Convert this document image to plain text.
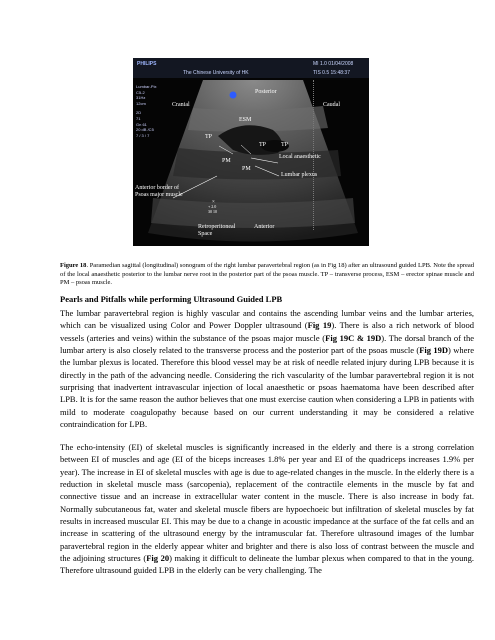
PHILIPS
The Chinese University of HK
MI 1.0 01/04/2008
TIS 0.5 15:48:37
Lumbar-Pix
C5-2
31Hz
12cm
2D
71
Gn 61
20 dB /C5
7 / 3 / 7
Posterior
Cranial	Caudal
TP
ESM
TP TP
Local anaesthetic
Lumbar plexus
PM
PM
Anterior border of
Psoas major muscle
×
+ 2.0
30 10
Retroperitoneal
Space
Anterior
Figure 18. Paramedian sagittal (longitudinal) sonogram of the right lumbar paravertebral region (as in Fig 18) after an ultrasound guided LPB. Note the spread of the local anaesthetic posterior to the lumbar nerve root in the posterior part of the psoas muscle. TP – transverse process, ESM – erector spinae muscle and PM – psoas muscle.
Pearls and Pitfalls while performing Ultrasound Guided LPB
The lumbar paravertebral region is highly vascular and contains the ascending lumbar veins and the lumbar arteries, which can be visualized using Color and Power Doppler ultrasound (Fig 19). There is also a rich network of blood vessels (arteries and veins) within the substance of the psoas major muscle (Fig 19C & 19D). The dorsal branch of the lumbar artery is also closely related to the transverse process and the posterior part of the psoas muscle (Fig 19D) where the lumbar plexus is located. Therefore this blood vessel may be at risk of needle related injury during LPB because it is directly in the path of the advancing needle. Considering the rich vascularity of the lumbar paravertebral region it is not surprising that inadvertent intravascular injection of local anaesthetic or psoas haematoma have been described after LPB. It is for the same reason the author believes that one must exercise caution when considering a LPB in patients with mild to moderate coagulopathy because based on our current understanding it may be considered a relative contraindication for LPB.
The echo-intensity (EI) of skeletal muscles is significantly increased in the elderly and there is a strong correlation between EI of muscles and age (EI of the biceps increases 1.8% per year and EI of the quadriceps increases 1.9% per year). The increase in EI of skeletal muscles with age is due to age-related changes in the muscle. In the elderly there is a reduction in skeletal muscle mass (sarcopenia), replacement of the contractile elements in the muscle by fat and connective tissue and an increase in extracellular water content in the muscle. There is also increase in body fat. Normally subcutaneous fat, water and skeletal muscle fibers are hypoechoeic but infiltration of skeletal muscles by fat results in increased muscular EI. This may be due to a change in acoustic impedance at the surface of the fat cells and an increase in scattering of the ultrasound energy by the intramuscular fat. Therefore ultrasound images of the lumbar paravertebral region in the elderly appear whiter and brighter and there is also loss of contrast between the muscle and the adjoining structures (Fig 20) making it difficult to delineate the lumbar plexus when compared to that in the young. Therefore ultrasound guided LPB in the elderly can be very challenging. The
